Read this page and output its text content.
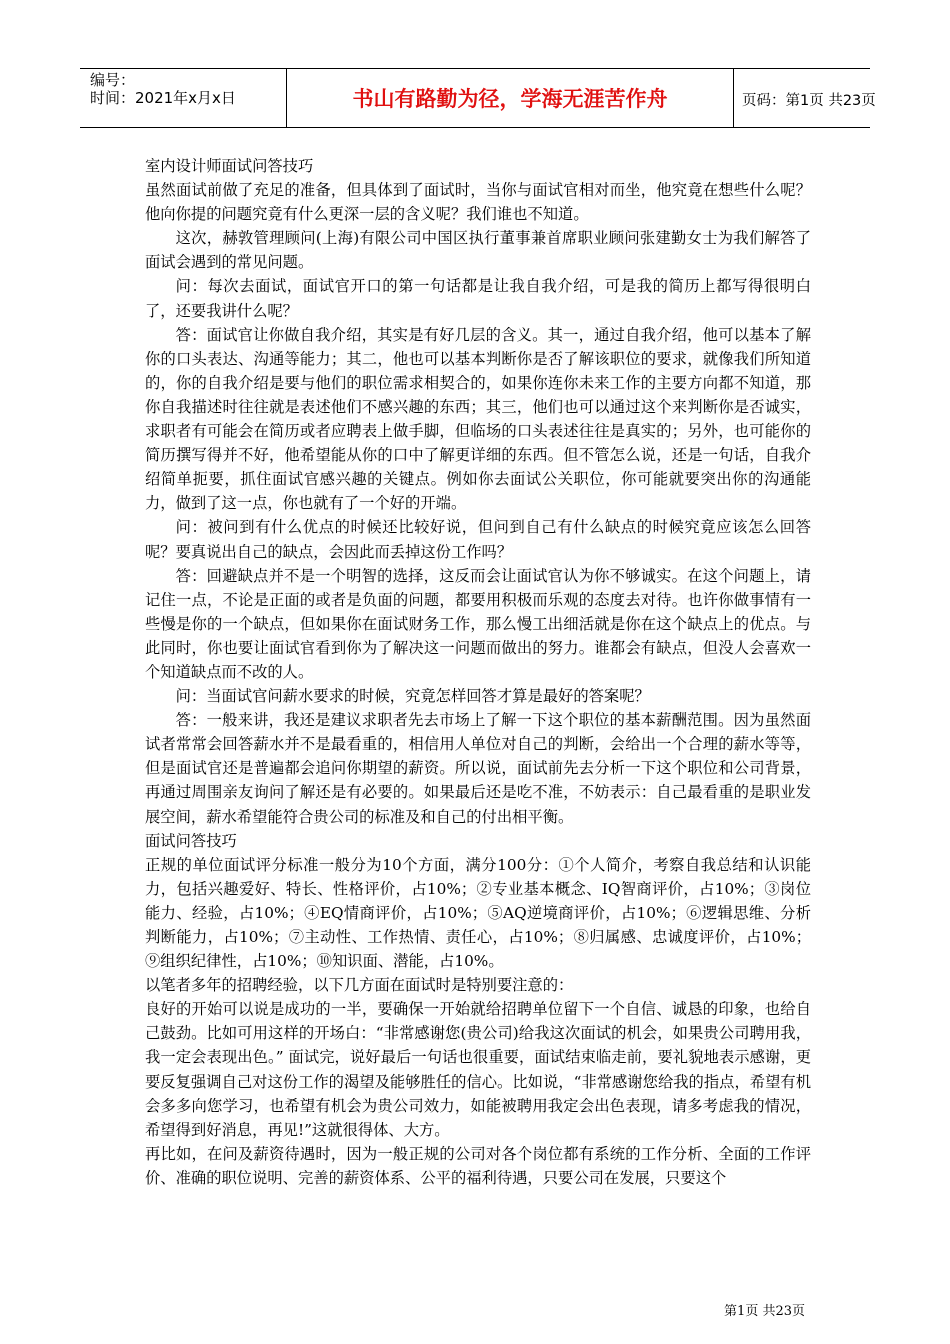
编号：
时间：2021年x月x日	书山有路勤为径，学海无涯苦作舟	页码：第1页 共23页

室内设计师面试问答技巧

虽然面试前做了充足的准备，但具体到了面试时，当你与面试官相对而坐，他究竟在想些什么呢？他向你提的问题究竟有什么更深一层的含义呢？我们谁也不知道。

这次，赫敦管理顾问(上海)有限公司中国区执行董事兼首席职业顾问张建勤女士为我们解答了面试会遇到的常见问题。

问：每次去面试，面试官开口的第一句话都是让我自我介绍，可是我的简历上都写得很明白了，还要我讲什么呢？

答：面试官让你做自我介绍，其实是有好几层的含义。其一，通过自我介绍，他可以基本了解你的口头表达、沟通等能力；其二，他也可以基本判断你是否了解该职位的要求，就像我们所知道的，你的自我介绍是要与他们的职位需求相契合的，如果你连你未来工作的主要方向都不知道，那你自我描述时往往就是表述他们不感兴趣的东西；其三，他们也可以通过这个来判断你是否诚实，求职者有可能会在简历或者应聘表上做手脚，但临场的口头表述往往是真实的；另外，也可能你的简历撰写得并不好，他希望能从你的口中了解更详细的东西。但不管怎么说，还是一句话，自我介绍简单扼要，抓住面试官感兴趣的关键点。例如你去面试公关职位，你可能就要突出你的沟通能力，做到了这一点，你也就有了一个好的开端。

问：被问到有什么优点的时候还比较好说，但问到自己有什么缺点的时候究竟应该怎么回答呢？要真说出自己的缺点，会因此而丢掉这份工作吗？

答：回避缺点并不是一个明智的选择，这反而会让面试官认为你不够诚实。在这个问题上，请记住一点，不论是正面的或者是负面的问题，都要用积极而乐观的态度去对待。也许你做事情有一些慢是你的一个缺点，但如果你在面试财务工作，那么慢工出细活就是你在这个缺点上的优点。与此同时，你也要让面试官看到你为了解决这一问题而做出的努力。谁都会有缺点，但没人会喜欢一个知道缺点而不改的人。

问：当面试官问薪水要求的时候，究竟怎样回答才算是最好的答案呢？

答：一般来讲，我还是建议求职者先去市场上了解一下这个职位的基本薪酬范围。因为虽然面试者常常会回答薪水并不是最看重的，相信用人单位对自己的判断，会给出一个合理的薪水等等，但是面试官还是普遍都会追问你期望的薪资。所以说，面试前先去分析一下这个职位和公司背景，再通过周围亲友询问了解还是有必要的。如果最后还是吃不准，不妨表示：自己最看重的是职业发展空间，薪水希望能符合贵公司的标准及和自己的付出相平衡。

面试问答技巧

正规的单位面试评分标准一般分为10个方面，满分100分：①个人简介，考察自我总结和认识能力，包括兴趣爱好、特长、性格评价，占10%；②专业基本概念、IQ智商评价，占10%；③岗位能力、经验，占10%；④EQ情商评价，占10%；⑤AQ逆境商评价，占10%；⑥逻辑思维、分析判断能力，占10%；⑦主动性、工作热情、责任心，占10%；⑧归属感、忠诚度评价，占10%；⑨组织纪律性，占10%；⑩知识面、潜能，占10%。

以笔者多年的招聘经验，以下几方面在面试时是特别要注意的：

良好的开始可以说是成功的一半，要确保一开始就给招聘单位留下一个自信、诚恳的印象，也给自己鼓劲。比如可用这样的开场白：“非常感谢您(贵公司)给我这次面试的机会，如果贵公司聘用我，我一定会表现出色。” 面试完，说好最后一句话也很重要，面试结束临走前，要礼貌地表示感谢，更要反复强调自己对这份工作的渴望及能够胜任的信心。比如说，“非常感谢您给我的指点，希望有机会多多向您学习，也希望有机会为贵公司效力，如能被聘用我定会出色表现，请多考虑我的情况，希望得到好消息，再见!”这就很得体、大方。

再比如，在问及薪资待遇时，因为一般正规的公司对各个岗位都有系统的工作分析、全面的工作评价、准确的职位说明、完善的薪资体系、公平的福利待遇，只要公司在发展，只要这个

第1页 共23页
